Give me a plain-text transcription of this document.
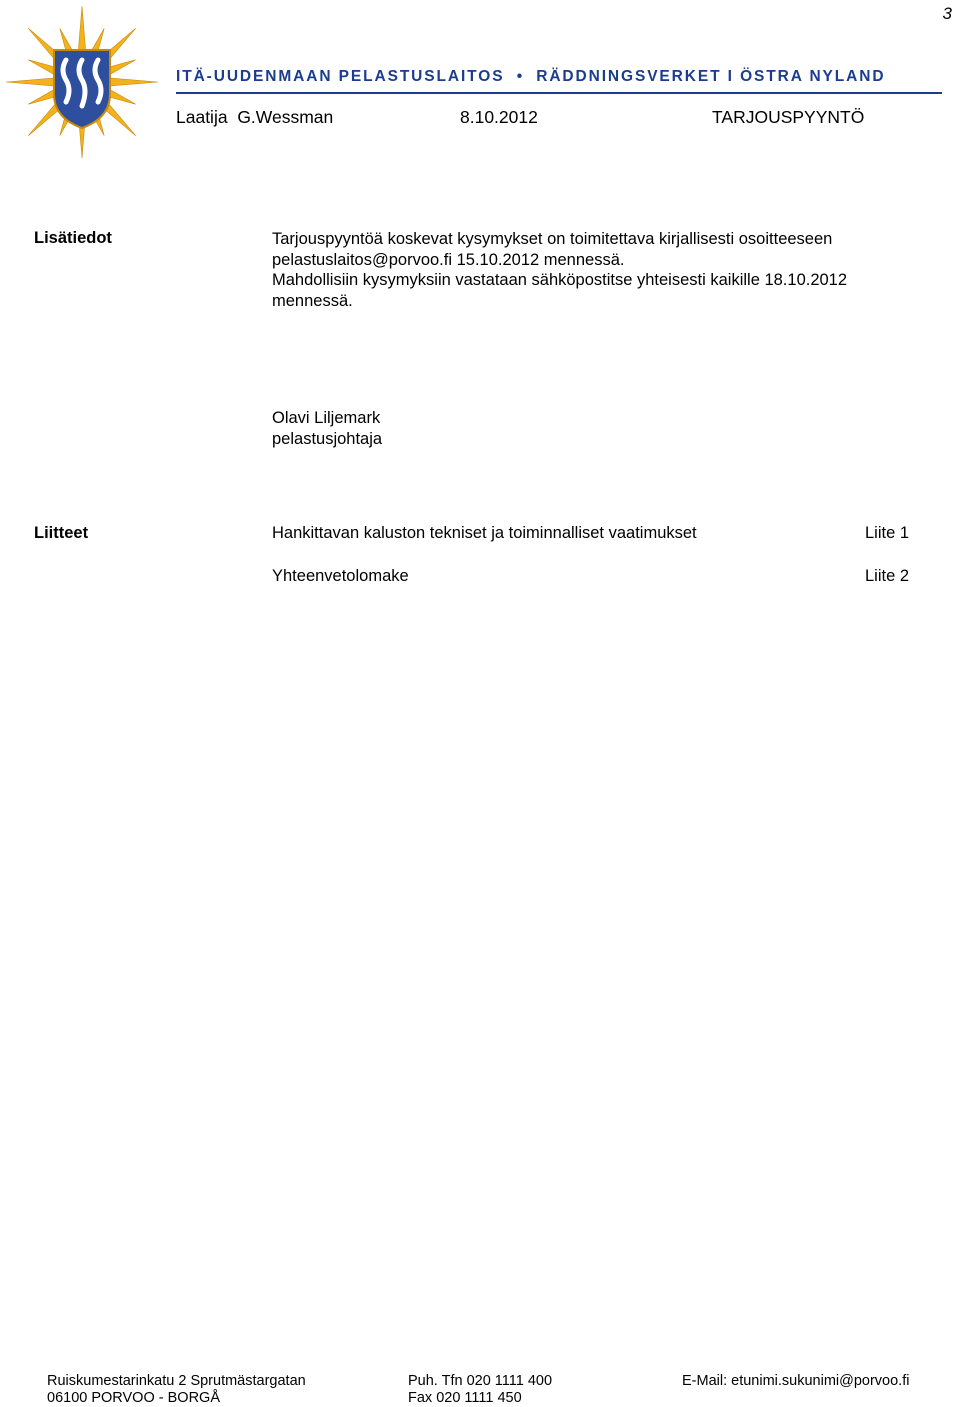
3
ITÄ-UUDENMAAN PELASTUSLAITOS • RÄDDNINGSVERKET I ÖSTRA NYLAND
Laatija G.Wessman	8.10.2012	TARJOUSPYYNTÖ
Lisätiedot	Tarjouspyyntöä koskevat kysymykset on toimitettava kirjallisesti osoitteeseen
pelastuslaitos@porvoo.fi 15.10.2012 mennessä.
Mahdollisiin kysymyksiin vastataan sähköpostitse yhteisesti kaikille 18.10.2012
mennessä.
Olavi Liljemark
pelastusjohtaja
Liitteet	Hankittavan kaluston tekniset ja toiminnalliset vaatimukset	Liite 1
Yhteenvetolomake	Liite 2
Ruiskumestarinkatu 2 Sprutmästargatan
06100 PORVOO - BORGÅ
Puh. Tfn 020 1111 400
Fax 020 1111 450
E-Mail: etunimi.sukunimi@porvoo.fi
